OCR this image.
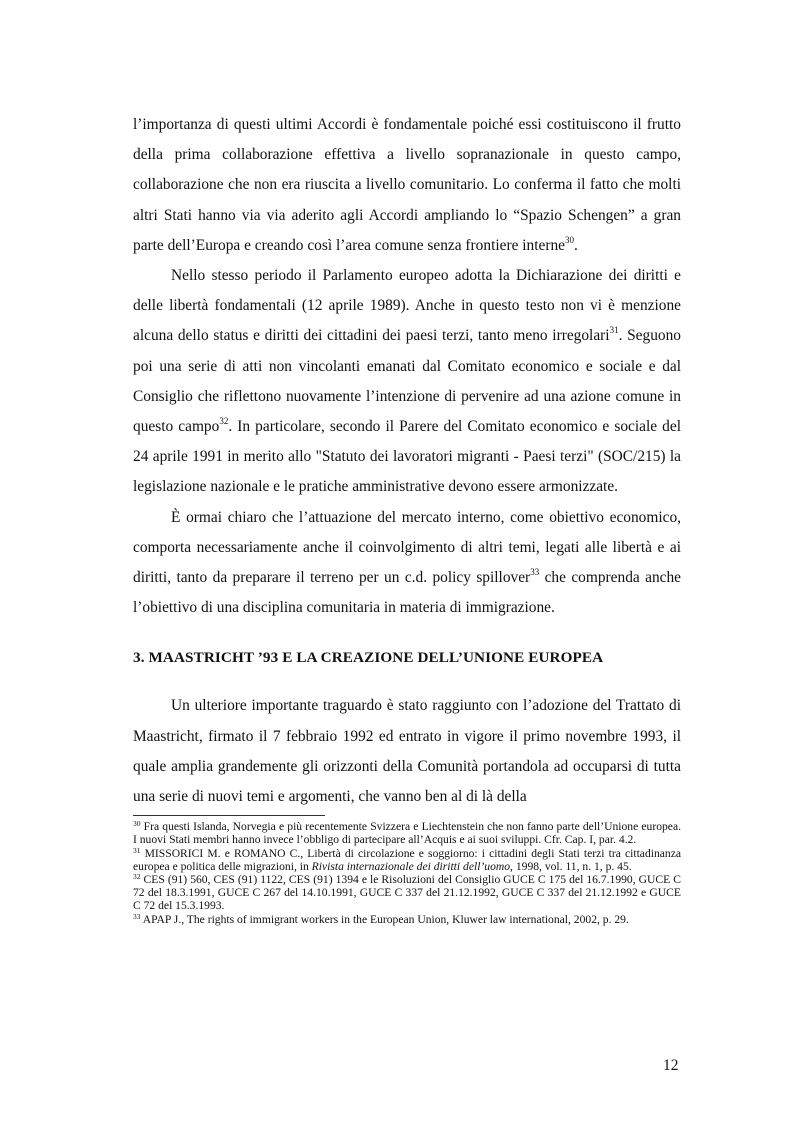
l’importanza di questi ultimi Accordi è fondamentale poiché essi costituiscono il frutto della prima collaborazione effettiva a livello sopranazionale in questo campo, collaborazione che non era riuscita a livello comunitario. Lo conferma il fatto che molti altri Stati hanno via via aderito agli Accordi ampliando lo “Spazio Schengen” a gran parte dell’Europa e creando così l’area comune senza frontiere interne$^{30}$.

Nello stesso periodo il Parlamento europeo adotta la Dichiarazione dei diritti e delle libertà fondamentali (12 aprile 1989). Anche in questo testo non vi è menzione alcuna dello status e diritti dei cittadini dei paesi terzi, tanto meno irregolari$^{31}$. Seguono poi una serie di atti non vincolanti emanati dal Comitato economico e sociale e dal Consiglio che riflettono nuovamente l’intenzione di pervenire ad una azione comune in questo campo$^{32}$. In particolare, secondo il Parere del Comitato economico e sociale del 24 aprile 1991 in merito allo "Statuto dei lavoratori migranti - Paesi terzi" (SOC/215) la legislazione nazionale e le pratiche amministrative devono essere armonizzate.

È ormai chiaro che l’attuazione del mercato interno, come obiettivo economico, comporta necessariamente anche il coinvolgimento di altri temi, legati alle libertà e ai diritti, tanto da preparare il terreno per un c.d. policy spillover$^{33}$ che comprenda anche l’obiettivo di una disciplina comunitaria in materia di immigrazione.

3. MAASTRICHT ’93 E LA CREAZIONE DELL’UNIONE EUROPEA

Un ulteriore importante traguardo è stato raggiunto con l’adozione del Trattato di Maastricht, firmato il 7 febbraio 1992 ed entrato in vigore il primo novembre 1993, il quale amplia grandemente gli orizzonti della Comunità portandola ad occuparsi di tutta una serie di nuovi temi e argomenti, che vanno ben al di là della

$^{30}$ Fra questi Islanda, Norvegia e più recentemente Svizzera e Liechtenstein che non fanno parte dell’Unione europea. I nuovi Stati membri hanno invece l’obbligo di partecipare all’Acquis e ai suoi sviluppi. Cfr. Cap. I, par. 4.2.

$^{31}$ MISSORICI M. e ROMANO C., Libertà di circolazione e soggiorno: i cittadini degli Stati terzi tra cittadinanza europea e politica delle migrazioni, in Rivista internazionale dei diritti dell’uomo, 1998, vol. 11, n. 1, p. 45.

$^{32}$ CES (91) 560, CES (91) 1122, CES (91) 1394 e le Risoluzioni del Consiglio GUCE C 175 del 16.7.1990, GUCE C 72 del 18.3.1991, GUCE C 267 del 14.10.1991, GUCE C 337 del 21.12.1992, GUCE C 337 del 21.12.1992 e GUCE C 72 del 15.3.1993.

$^{33}$ APAP J., The rights of immigrant workers in the European Union, Kluwer law international, 2002, p. 29.

12
